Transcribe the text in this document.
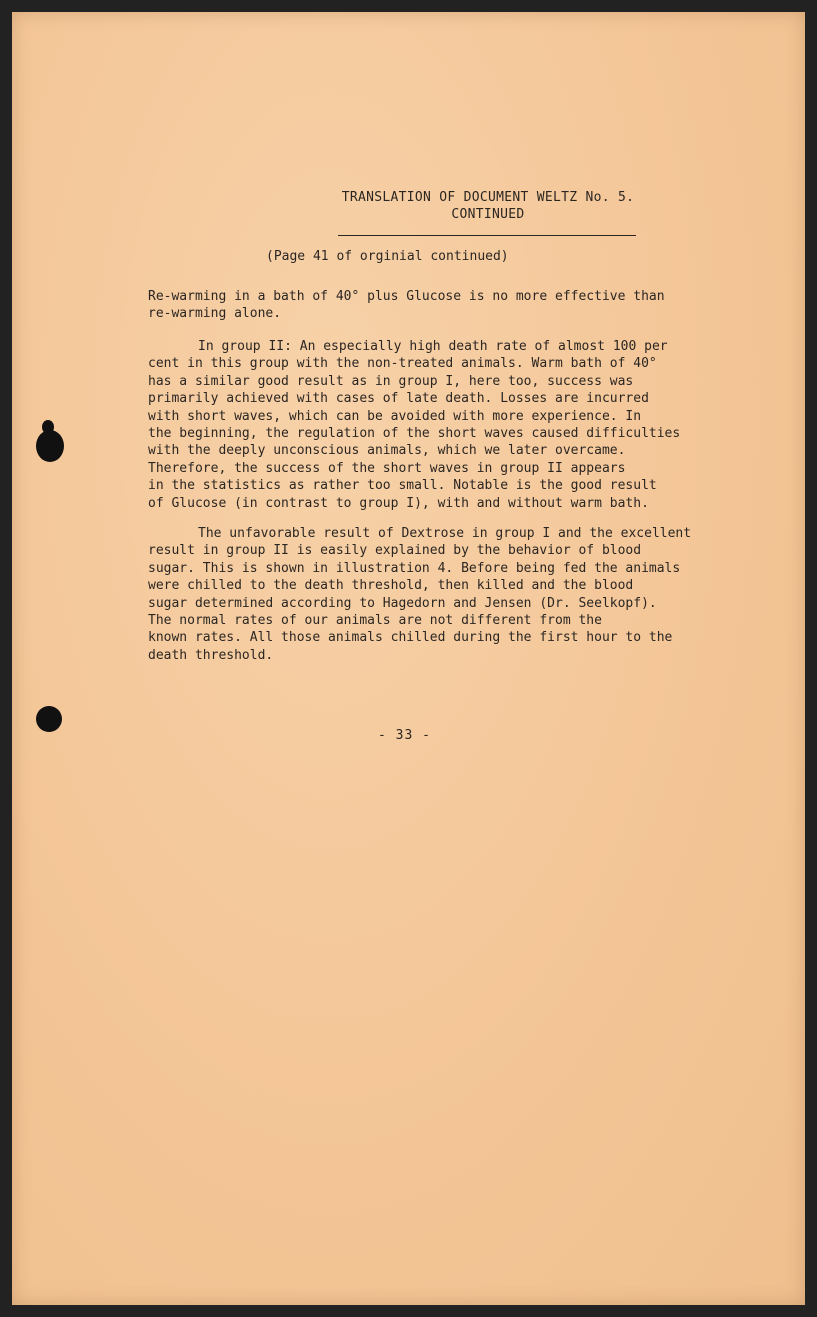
TRANSLATION OF DOCUMENT WELTZ No. 5.
CONTINUED
(Page 41 of orginial continued)

Re-warming in a bath of 40° plus Glucose is no more effective than
re-warming alone.

In group II: An especially high death rate of almost 100 per
cent in this group with the non-treated animals. Warm bath of 40°
has a similar good result as in group I, here too, success was
primarily achieved with cases of late death. Losses are incurred
with short waves, which can be avoided with more experience. In
the beginning, the regulation of the short waves caused difficulties
with the deeply unconscious animals, which we later overcame.
Therefore, the success of the short waves in group II appears
in the statistics as rather too small. Notable is the good result
of Glucose (in contrast to group I), with and without warm bath.

The unfavorable result of Dextrose in group I and the excellent
result in group II is easily explained by the behavior of blood
sugar. This is shown in illustration 4. Before being fed the animals
were chilled to the death threshold, then killed and the blood
sugar determined according to Hagedorn and Jensen (Dr. Seelkopf).
The normal rates of our animals are not different from the
known rates. All those animals chilled during the first hour to the
death threshold.

- 33 -
